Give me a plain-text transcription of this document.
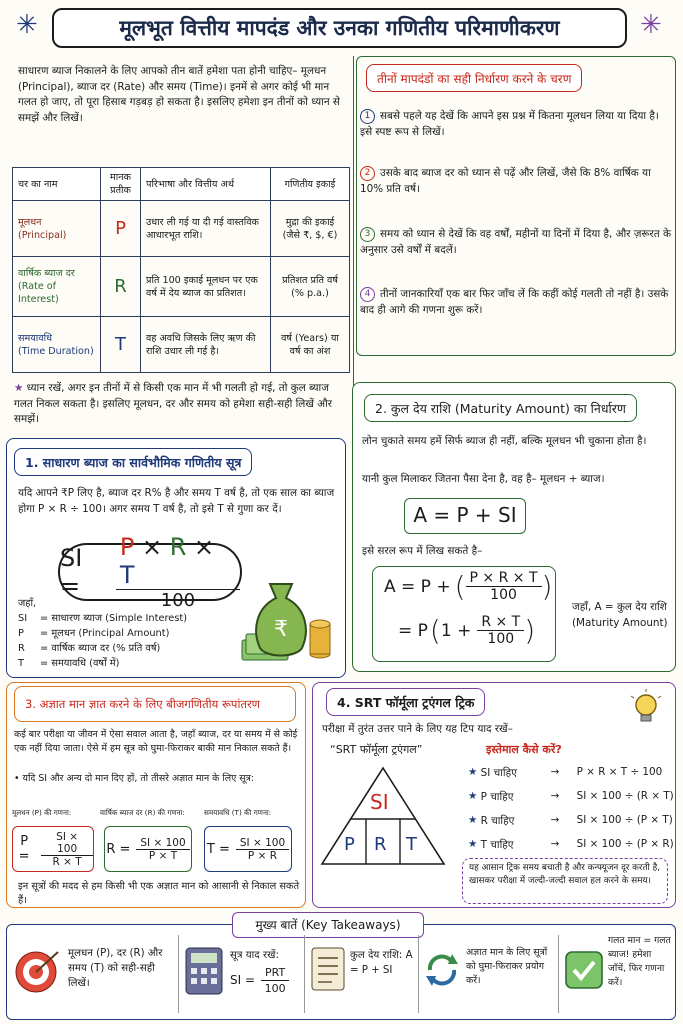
✳	मूलभूत वित्तीय मापदंड और उनका गणितीय परिमाणीकरण	✳

साधारण ब्याज निकालने के लिए आपको तीन बातें हमेशा पता होनी चाहिए– मूलधन (Principal), ब्याज दर (Rate) और समय (Time)। इनमें से अगर कोई भी मान गलत हो जाए, तो पूरा हिसाब गड़बड़ हो सकता है। इसलिए हमेशा इन तीनों को ध्यान से समझें और लिखें।

चर का नाम	मानक प्रतीक	परिभाषा और वित्तीय अर्थ	गणितीय इकाई
मूलधन
(Principal)	P	उधार ली गई या दी गई वास्तविक आधारभूत राशि।	मुद्रा की इकाई (जैसे ₹, $, €)
वार्षिक ब्याज दर
(Rate of Interest)	R	प्रति 100 इकाई मूलधन पर एक वर्ष में देय ब्याज का प्रतिशत।	प्रतिशत प्रति वर्ष (% p.a.)
समयावधि
(Time Duration)	T	वह अवधि जिसके लिए ऋण की राशि उधार ली गई है।	वर्ष (Years) या वर्ष का अंश
★ ध्यान रखें, अगर इन तीनों में से किसी एक मान में भी गलती हो गई, तो कुल ब्याज गलत निकल सकता है। इसलिए मूलधन, दर और समय को हमेशा सही-सही लिखें और समझें।
तीनों मापदंडों का सही निर्धारण करने के चरण
1 सबसे पहले यह देखें कि आपने इस प्रश्न में कितना मूलधन लिया या दिया है। इसे स्पष्ट रूप से लिखें।
2 उसके बाद ब्याज दर को ध्यान से पढ़ें और लिखें, जैसे कि 8% वार्षिक या 10% प्रति वर्ष।
3 समय को ध्यान से देखें कि वह वर्षों, महीनों या दिनों में दिया है, और ज़रूरत के अनुसार उसे वर्षों में बदलें।
4 तीनों जानकारियाँ एक बार फिर जाँच लें कि कहीं कोई गलती तो नहीं है। उसके बाद ही आगे की गणना शुरू करें।
1. साधारण ब्याज का सार्वभौमिक गणितीय सूत्र

यदि आपने ₹P लिए है, ब्याज दर R% है और समय T वर्ष है, तो एक साल का ब्याज होगा P × R ÷ 100। अगर समय T वर्ष है, तो इसे T से गुणा कर दें।

SI =	$\frac{P \times R \times T}{100}$
जहाँ,
SI = साधारण ब्याज (Simple Interest)
P = मूलधन (Principal Amount)
R = वार्षिक ब्याज दर (% प्रति वर्ष)
T = समयावधि (वर्षों में)
₹
2. कुल देय राशि (Maturity Amount) का निर्धारण

लोन चुकाते समय हमें सिर्फ ब्याज ही नहीं, बल्कि मूलधन भी चुकाना होता है।

यानी कुल मिलाकर जितना पैसा देना है, वह है– मूलधन + ब्याज।

A = P + SI

इसे सरल रूप में लिख सकते है–

A = P + ( $\frac{P \times R \times T}{100}$ )
= P ( $1 + \frac{R \times T}{100}$ )

जहाँ, A = कुल देय राशि (Maturity Amount)

3. अज्ञात मान ज्ञात करने के लिए बीजगणितीय रूपांतरण

कई बार परीक्षा या जीवन में ऐसा सवाल आता है, जहाँ ब्याज, दर या समय में से कोई एक नहीं दिया जाता। ऐसे में हम सूत्र को घुमा-फिराकर बाकी मान निकाल सकते हैं।

• यदि SI और अन्य दो मान दिए हों, तो तीसरे अज्ञात मान के लिए सूत्र:

मूलधन (P) की गणना:	वार्षिक ब्याज दर (R) की गणना:	समयावधि (T) की गणना:
P =	$\frac{SI \times 100}{R \times T}$ $R = \frac{SI \times 100}{P \times T}$ $T = \frac{SI \times 100}{P \times R}$

इन सूत्रों की मदद से हम किसी भी एक अज्ञात मान को आसानी से निकाल सकते हैं।

4. SRT फॉर्मूला ट्रएंगल ट्रिक

परीक्षा में तुरंत उत्तर पाने के लिए यह टिप याद रखें–

“SRT फॉर्मूला ट्रएंगल”

SI
P R T
इस्तेमाल कैसे करें?
★ SI चाहिए	→	P × R × T ÷ 100
★ P चाहिए	→	SI × 100 ÷ (R × T)
★ R चाहिए	→	SI × 100 ÷ (P × T)
★ T चाहिए	→	SI × 100 ÷ (P × R)
यह आसान ट्रिक समय बचाती है और कन्फ्यूजन दूर करती है, खासकर परीक्षा में जल्दी-जल्दी सवाल हल करने के समय।
मुख्य बातें (Key Takeaways)
मूलधन (P), दर (R) और समय (T) को सही-सही लिखें।
सूत्र याद रखें:
SI = $\frac{\text{PRT}}{100}$
कुल देय राशि: A = P + SI
अज्ञात मान के लिए सूत्रों को घुमा-फिराकर प्रयोग करें।
गलत मान = गलत ब्याज! हमेशा जाँचें, फिर गणना करें।
